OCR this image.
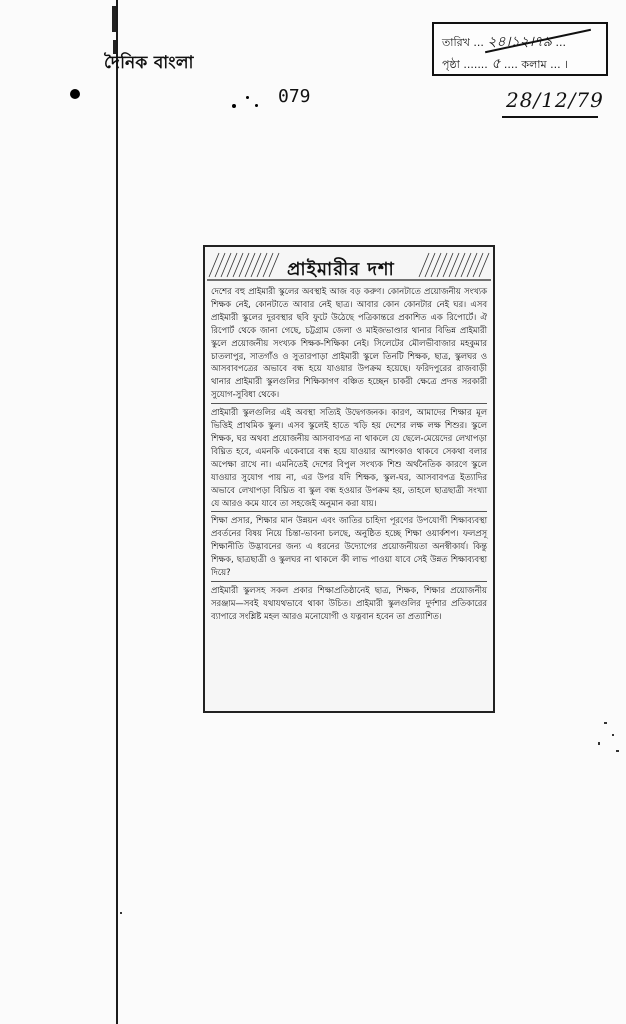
দৈনিক বাংলা
079
তারিখ ... ২৪।১২।৭৯ ...
পৃষ্ঠা ....... ৫ .... কলাম ... ।
28/12/79
প্রাইমারীর দশা

দেশের বহু প্রাইমারী স্কুলের অবস্থাই আজ বড় করুণ। কোনটাতে প্রয়োজনীয় সংখ্যক শিক্ষক নেই, কোনটাতে আবার নেই ছাত্র। আবার কোন কোনটার নেই ঘর। এসব প্রাইমারী স্কুলের দুরবস্থার ছবি ফুটে উঠেছে পত্রিকান্তরে প্রকাশিত এক রিপোর্টে। ঐ রিপোর্ট থেকে জানা গেছে, চট্টগ্রাম জেলা ও মাইজভাণ্ডার থানার বিভিন্ন প্রাইমারী স্কুলে প্রয়োজনীয় সংখ্যক শিক্ষক-শিক্ষিকা নেই। সিলেটের মৌলভীবাজার মহকুমার চাতলাপুর, সাতগাঁও ও সুতারপাড়া প্রাইমারী স্কুলে তিনটি শিক্ষক, ছাত্র, স্কুলঘর ও আসবাবপত্রের অভাবে বন্ধ হয়ে যাওয়ার উপক্রম হয়েছে। ফরিদপুরের রাজবাড়ী থানার প্রাইমারী স্কুলগুলির শিক্ষিকাগণ বঞ্চিত হচ্ছেন চাকরী ক্ষেত্রে প্রদত্ত সরকারী সুযোগ-সুবিধা থেকে।

প্রাইমারী স্কুলগুলির এই অবস্থা সত্যিই উদ্বেগজনক। কারণ, আমাদের শিক্ষার মূল ভিত্তিই প্রাথমিক স্কুল। এসব স্কুলেই হাতে খড়ি হয় দেশের লক্ষ লক্ষ শিশুর। স্কুলে শিক্ষক, ঘর অথবা প্রয়োজনীয় আসবাবপত্র না থাকলে যে ছেলে-মেয়েদের লেখাপড়া বিঘ্নিত হবে, এমনকি একেবারে বন্ধ হয়ে যাওয়ার আশংকাও থাকবে সেকথা বলার অপেক্ষা রাখে না। এমনিতেই দেশের বিপুল সংখ্যক শিশু অর্থনৈতিক কারণে স্কুলে যাওয়ার সুযোগ পায় না, এর উপর যদি শিক্ষক, স্কুল-ঘর, আসবাবপত্র ইত্যাদির অভাবে লেখাপড়া বিঘ্নিত বা স্কুল বন্ধ হওয়ার উপক্রম হয়, তাহলে ছাত্রছাত্রী সংখ্যা যে আরও কমে যাবে তা সহজেই অনুমান করা যায়।

শিক্ষা প্রসার, শিক্ষার মান উন্নয়ন এবং জাতির চাহিদা পূরণের উপযোগী শিক্ষাব্যবস্থা প্রবর্তনের বিষয় নিয়ে চিন্তা-ভাবনা চলছে, অনুষ্ঠিত হচ্ছে শিক্ষা ওয়ার্কশপ। ফলপ্রসূ শিক্ষানীতি উদ্ভাবনের জন্য এ ধরনের উদ্যোগের প্রয়োজনীয়তা অনস্বীকার্য। কিন্তু শিক্ষক, ছাত্রছাত্রী ও স্কুলঘর না থাকলে কী লাভ পাওয়া যাবে সেই উন্নত শিক্ষাব্যবস্থা দিয়ে?

প্রাইমারী স্কুলসহ সকল প্রকার শিক্ষাপ্রতিষ্ঠানেই ছাত্র, শিক্ষক, শিক্ষার প্রয়োজনীয় সরঞ্জাম—সবই যথাযথভাবে থাকা উচিত। প্রাইমারী স্কুলগুলির দুর্দশার প্রতিকারের ব্যাপারে সংশ্লিষ্ট মহল আরও মনোযোগী ও যত্নবান হবেন তা প্রত্যাশিত।
